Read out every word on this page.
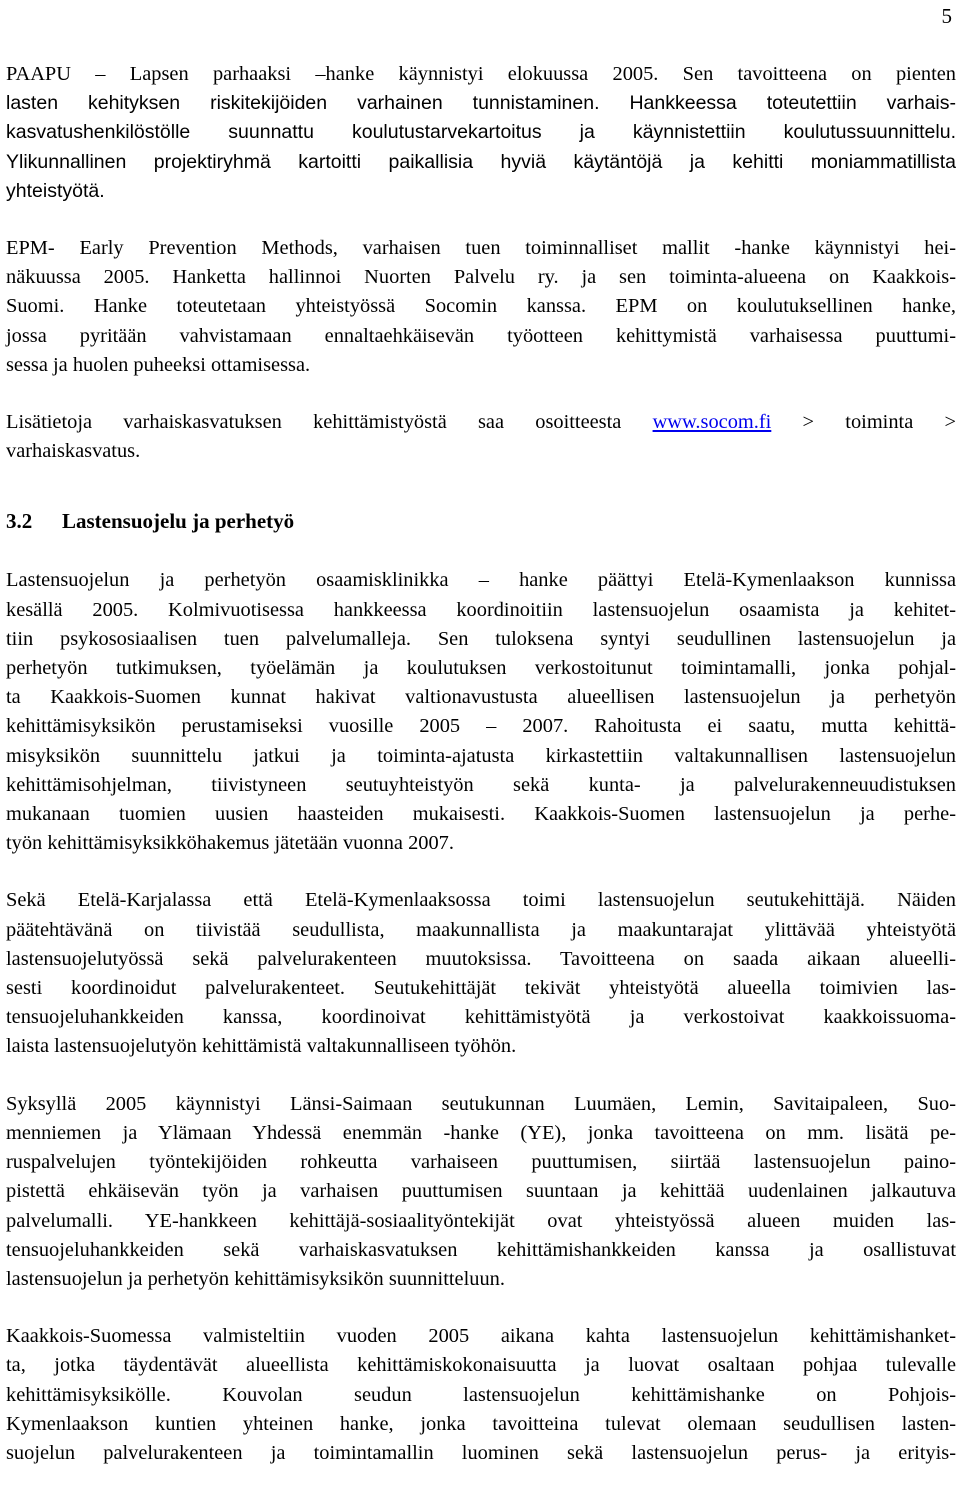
5

PAAPU – Lapsen parhaaksi –hanke käynnistyi elokuussa 2005. Sen tavoitteena on pienten
lasten kehityksen riskitekijöiden varhainen tunnistaminen. Hankkeessa toteutettiin varhais-
kasvatushenkilöstölle suunnattu koulutustarvekartoitus ja käynnistettiin koulutussuunnittelu.
Ylikunnallinen projektiryhmä kartoitti paikallisia hyviä käytäntöjä ja kehitti moniammatillista
yhteistyötä.

EPM- Early Prevention Methods, varhaisen tuen toiminnalliset mallit -hanke käynnistyi hei-
näkuussa 2005. Hanketta hallinnoi Nuorten Palvelu ry. ja sen toiminta-alueena on Kaakkois-
Suomi. Hanke toteutetaan yhteistyössä Socomin kanssa. EPM on koulutuksellinen hanke,
jossa pyritään vahvistamaan ennaltaehkäisevän työotteen kehittymistä varhaisessa puuttumi-
sessa ja huolen puheeksi ottamisessa.

Lisätietoja varhaiskasvatuksen kehittämistyöstä saa osoitteesta www.socom.fi > toiminta >
varhaiskasvatus.

3.2 Lastensuojelu ja perhetyö

Lastensuojelun ja perhetyön osaamisklinikka – hanke päättyi Etelä-Kymenlaakson kunnissa
kesällä 2005. Kolmivuotisessa hankkeessa koordinoitiin lastensuojelun osaamista ja kehitet-
tiin psykososiaalisen tuen palvelumalleja. Sen tuloksena syntyi seudullinen lastensuojelun ja
perhetyön tutkimuksen, työelämän ja koulutuksen verkostoitunut toimintamalli, jonka pohjal-
ta Kaakkois-Suomen kunnat hakivat valtionavustusta alueellisen lastensuojelun ja perhetyön
kehittämisyksikön perustamiseksi vuosille 2005 – 2007. Rahoitusta ei saatu, mutta kehittä-
misyksikön suunnittelu jatkui ja toiminta-ajatusta kirkastettiin valtakunnallisen lastensuojelun
kehittämisohjelman, tiivistyneen seutuyhteistyön sekä kunta- ja palvelurakenneuudistuksen
mukanaan tuomien uusien haasteiden mukaisesti. Kaakkois-Suomen lastensuojelun ja perhe-
työn kehittämisyksikköhakemus jätetään vuonna 2007.

Sekä Etelä-Karjalassa että Etelä-Kymenlaaksossa toimi lastensuojelun seutukehittäjä. Näiden
päätehtävänä on tiivistää seudullista, maakunnallista ja maakuntarajat ylittävää yhteistyötä
lastensuojelutyössä sekä palvelurakenteen muutoksissa. Tavoitteena on saada aikaan alueelli-
sesti koordinoidut palvelurakenteet. Seutukehittäjät tekivät yhteistyötä alueella toimivien las-
tensuojeluhankkeiden kanssa, koordinoivat kehittämistyötä ja verkostoivat kaakkoissuoma-
laista lastensuojelutyön kehittämistä valtakunnalliseen työhön.

Syksyllä 2005 käynnistyi Länsi-Saimaan seutukunnan Luumäen, Lemin, Savitaipaleen, Suo-
menniemen ja Ylämaan Yhdessä enemmän -hanke (YE), jonka tavoitteena on mm. lisätä pe-
ruspalvelujen työntekijöiden rohkeutta varhaiseen puuttumisen, siirtää lastensuojelun paino-
pistettä ehkäisevän työn ja varhaisen puuttumisen suuntaan ja kehittää uudenlainen jalkautuva
palvelumalli. YE-hankkeen kehittäjä-sosiaalityöntekijät ovat yhteistyössä alueen muiden las-
tensuojeluhankkeiden sekä varhaiskasvatuksen kehittämishankkeiden kanssa ja osallistuvat
lastensuojelun ja perhetyön kehittämisyksikön suunnitteluun.

Kaakkois-Suomessa valmisteltiin vuoden 2005 aikana kahta lastensuojelun kehittämishanket-
ta, jotka täydentävät alueellista kehittämiskokonaisuutta ja luovat osaltaan pohjaa tulevalle
kehittämisyksikölle. Kouvolan seudun lastensuojelun kehittämishanke on Pohjois-
Kymenlaakson kuntien yhteinen hanke, jonka tavoitteina tulevat olemaan seudullisen lasten-
suojelun palvelurakenteen ja toimintamallin luominen sekä lastensuojelun perus- ja erityis-
